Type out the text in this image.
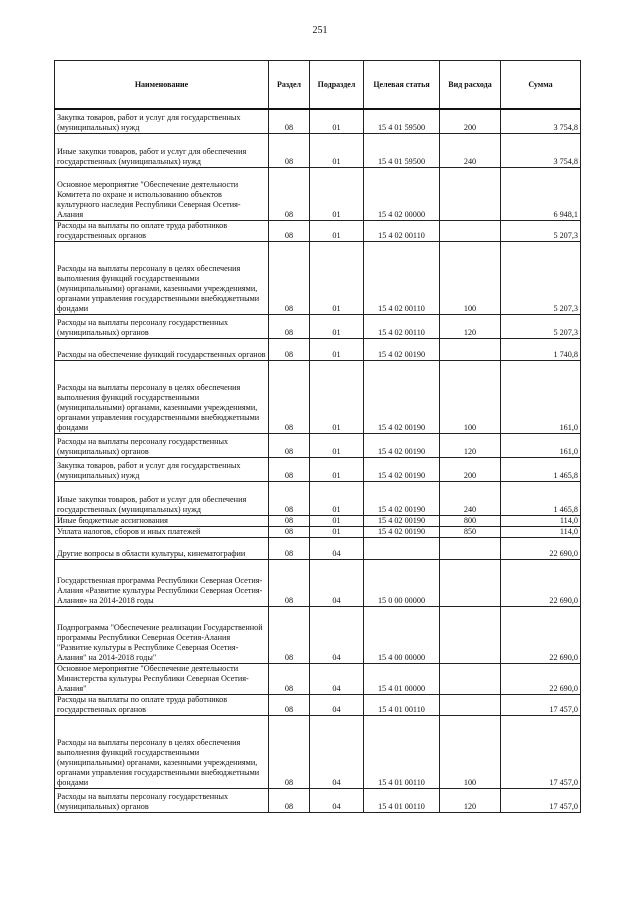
251
Наименование	Раздел	Подраздел	Целевая статья	Вид расхода	Сумма
Закупка товаров, работ и услуг для государственных (муниципальных) нужд	08	01	15 4 01 59500	200	3 754,8
Иные закупки товаров, работ и услуг для обеспечения государственных (муниципальных) нужд	08	01	15 4 01 59500	240	3 754,8
Основное мероприятие "Обеспечение деятельности Комитета по охране и использованию объектов культурного наследия Республики Северная Осетия-Алания	08	01	15 4 02 00000		6 948,1
Расходы на выплаты по оплате труда работников государственных органов	08	01	15 4 02 00110		5 207,3
Расходы на выплаты персоналу в целях обеспечения выполнения функций государственными (муниципальными) органами, казенными учреждениями, органами управления государственными внебюджетными фондами	08	01	15 4 02 00110	100	5 207,3
Расходы на выплаты персоналу государственных (муниципальных) органов	08	01	15 4 02 00110	120	5 207,3
Расходы на обеспечение функций государственных органов	08	01	15 4 02 00190		1 740,8
Расходы на выплаты персоналу в целях обеспечения выполнения функций государственными (муниципальными) органами, казенными учреждениями, органами управления государственными внебюджетными фондами	08	01	15 4 02 00190	100	161,0
Расходы на выплаты персоналу государственных (муниципальных) органов	08	01	15 4 02 00190	120	161,0
Закупка товаров, работ и услуг для государственных (муниципальных) нужд	08	01	15 4 02 00190	200	1 465,8
Иные закупки товаров, работ и услуг для обеспечения государственных (муниципальных) нужд	08	01	15 4 02 00190	240	1 465,8
Иные бюджетные ассигнования	08	01	15 4 02 00190	800	114,0
Уплата налогов, сборов и иных платежей	08	01	15 4 02 00190	850	114,0
Другие вопросы в области культуры, кинематографии	08	04			22 690,0
Государственная программа Республики Северная Осетия-Алания «Развитие культуры Республики Северная Осетия-Алания» на 2014-2018 годы	08	04	15 0 00 00000		22 690,0
Подпрограмма "Обеспечение реализации Государственной программы Республики Северная Осетия-Алания "Развитие культуры в Республике Северная Осетия-Алания" на 2014-2018 годы"	08	04	15 4 00 00000		22 690,0
Основное мероприятие "Обеспечение деятельности Министерства культуры Республики Северная Осетия-Алания"	08	04	15 4 01 00000		22 690,0
Расходы на выплаты по оплате труда работников государственных органов	08	04	15 4 01 00110		17 457,0
Расходы на выплаты персоналу в целях обеспечения выполнения функций государственными (муниципальными) органами, казенными учреждениями, органами управления государственными внебюджетными фондами	08	04	15 4 01 00110	100	17 457,0
Расходы на выплаты персоналу государственных (муниципальных) органов	08	04	15 4 01 00110	120	17 457,0
